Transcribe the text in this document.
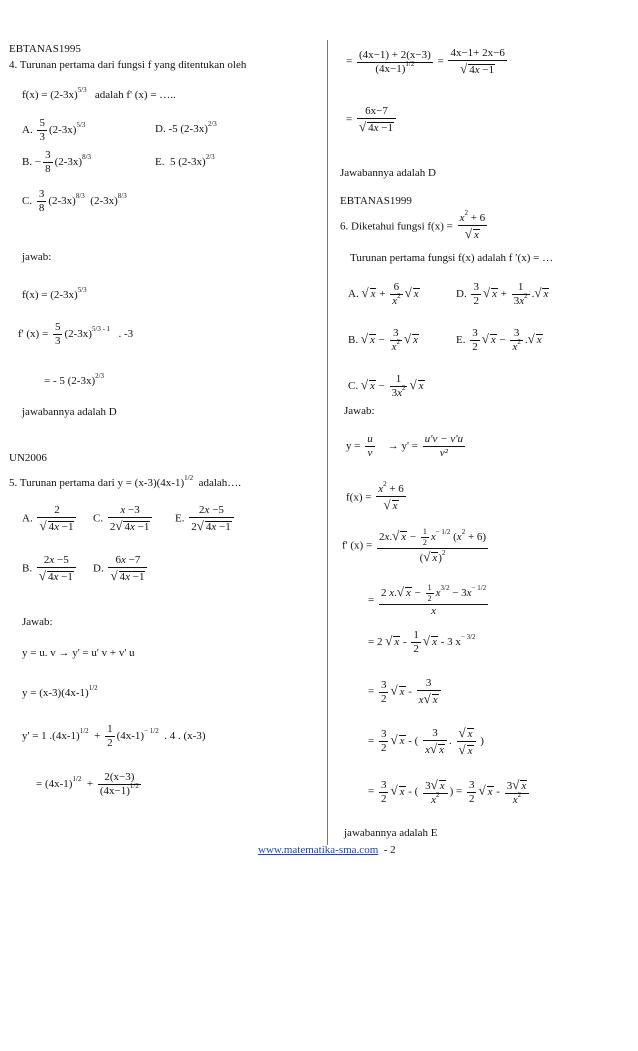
EBTANAS1995
4. Turunan pertama dari fungsi f yang ditentukan oleh
$f(x) = (2-3x)^{5/3}$ adalah f' (x) = …..
A. $\frac{5}{3} (2-3x)^{5/3}$	D. -5 $(2-3x)^{2/3}$
B. − $\frac{3}{8} (2-3x)^{8/3}$	E. 5 $(2-3x)^{2/3}$
C. $\frac{3}{8} (2-3x)^{8/3}$ $(2-3x)^{8/3}$
jawab:
$f(x) = (2-3x)^{5/3}$
f' $(x) = \frac{5}{3} (2-3x)^{5/3 - 1}$ . -3
= - 5 $(2-3x)^{2/3}$
jawabannya adalah D
UN2006
5. Turunan pertama dari $y = (x-3)(4x-1)^{1/2}$ adalah….
A. $\frac{2}{√ 4x -1} C$. $\frac{x -3}{2√ 4x -1} E$. $\frac{2x -5}{2√ 4x -1}$
B. $\frac{2x -5}{√ 4x -1} D$. $\frac{6x -7}{√ 4x -1}$
Jawab:
y = u. v → y' = u' v + v' u
$y = (x-3)(4x-1)^{1/2}$
y' = 1 $.(4x-1)^{1/2} + \frac{1}{2} (4x-1)^{- 1/2}$ . 4 . (x-3)
= $(4x-1)^{1/2} + \frac{2(x-3)}{(4x-1)^{1/2}}$
= $\frac{(4x-1) + 2(x-3)}{(4x-1)^{1/2}} = \frac{4x-1+ 2x-6}{√ 4x -1}$
= $\frac{6x-7}{√ 4x -1}$
Jawabannya adalah D
EBTANAS1999
6. Diketahui fungsi $f(x) = \frac{x^2 + 6}{√ x}$
Turunan pertama fungsi f(x) adalah f ′(x) = …
A. √ $x + \frac{6}{x^2}$ √ x	D. $\frac{3}{2}$ √ $x + \frac{1}{3x^2}$ .√ x
B. √ $x - \frac{3}{x^2}$ √ x	E. $\frac{3}{2}$ √ $x - \frac{3}{x^2}$ .√ x
C. √ $x - \frac{1}{3x^2}$ √ x
Jawab:
$y = \frac{u}{v} \to y' = \frac{u'v - v'u}{\text{v²}}$
$f(x) = \frac{x^2 + 6}{√ x}$
f' $(x) = \frac{2x.√ x - \frac{1}{2} x^{- 1/2} (x^2 + 6)}{(√ x)^2}$
= $\frac{2 x.√ x - \frac{1}{2} x^{3/2} - 3x^{- 1/2}}{x}$
= 2 √ x - $\frac{1}{2}$ √ x - 3 $x^{- 3/2}$
= $\frac{3}{2}$ √ x - $\frac{3}{x√ x}$
= $\frac{3}{2}$ √ x - ( $\frac{3}{x√ x}$ . $\frac{√ x}{√ x}$ )
= $\frac{3}{2}$ √ x - ( $\frac{3√ x}{x^2}$ ) = $\frac{3}{2}$ √ x - $\frac{3√ x}{x^2}$
jawabannya adalah E
www.matematika-sma.com - 2
